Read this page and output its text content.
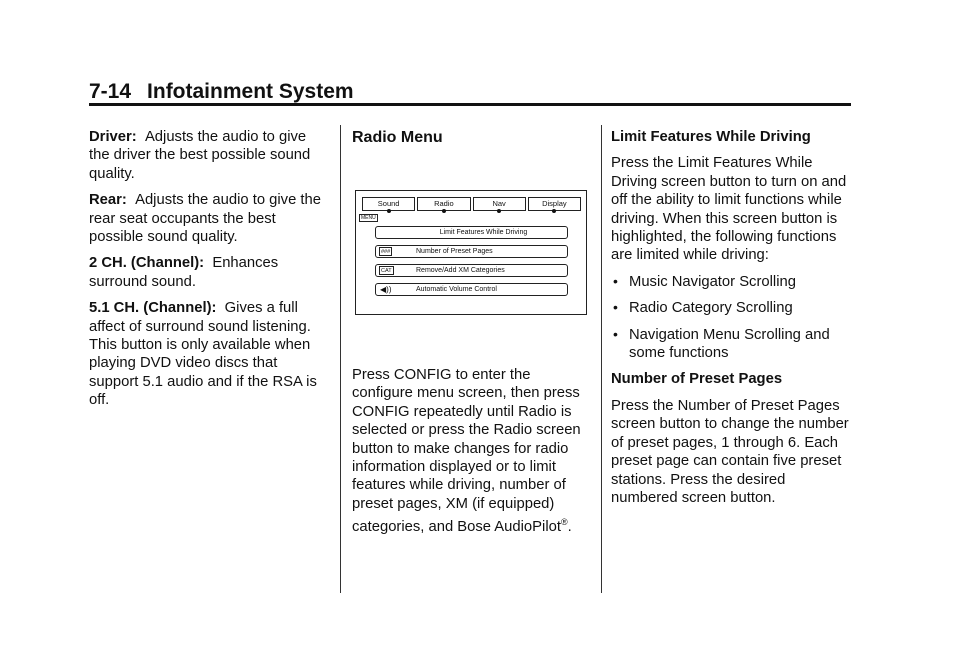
7-14 Infotainment System

Driver: Adjusts the audio to give the driver the best possible sound quality.

Rear: Adjusts the audio to give the rear seat occupants the best possible sound quality.

2 CH. (Channel): Enhances surround sound.

5.1 CH. (Channel): Gives a full affect of surround sound listening. This button is only available when playing DVD video discs that support 5.1 audio and if the RSA is off.

Radio Menu
Sound	Radio	Nav	Display
MENU
Limit Features While Driving
###	Number of Preset Pages
CAT	Remove/Add XM Categories
◀))	Automatic Volume Control

Press CONFIG to enter the configure menu screen, then press CONFIG repeatedly until Radio is selected or press the Radio screen button to make changes for radio information displayed or to limit features while driving, number of preset pages, XM (if equipped) categories, and Bose AudioPilot®.

Limit Features While Driving

Press the Limit Features While Driving screen button to turn on and off the ability to limit functions while driving. When this screen button is highlighted, the following functions are limited while driving:

• Music Navigator Scrolling
• Radio Category Scrolling
• Navigation Menu Scrolling and some functions

Number of Preset Pages

Press the Number of Preset Pages screen button to change the number of preset pages, 1 through 6. Each preset page can contain five preset stations. Press the desired numbered screen button.
